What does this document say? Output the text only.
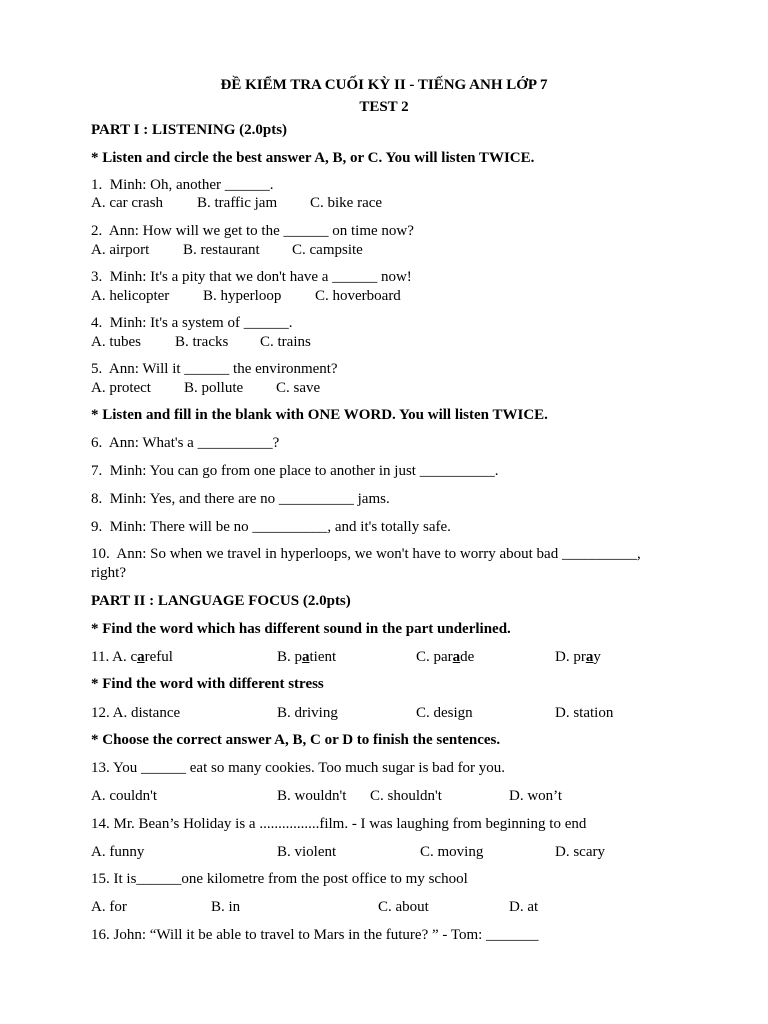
ĐỀ KIỂM TRA CUỐI KỲ II - TIẾNG ANH LỚP 7
TEST 2
PART I : LISTENING (2.0pts)
* Listen and circle the best answer A, B, or C. You will listen TWICE.
1.  Minh: Oh, another ______.
A. car crash B. traffic jam C. bike race
2.  Ann: How will we get to the ______ on time now?
A. airport B. restaurant C. campsite
3.  Minh: It's a pity that we don't have a ______ now!
A. helicopter B. hyperloop C. hoverboard
4.  Minh: It's a system of ______.
A. tubes B. tracks C. trains
5.  Ann: Will it ______ the environment?
A. protect B. pollute C. save
* Listen and fill in the blank with ONE WORD. You will listen TWICE.
6.  Ann: What's a __________?
7.  Minh: You can go from one place to another in just __________.
8.  Minh: Yes, and there are no __________ jams.
9.  Minh: There will be no __________, and it's totally safe.
10.  Ann: So when we travel in hyperloops, we won't have to worry about bad __________,
right?
PART II : LANGUAGE FOCUS (2.0pts)
* Find the word which has different sound in the part underlined.
11. A. careful	B. patient	C. parade	D. pray
* Find the word with different stress
12. A. distance	B. driving	C. design	D. station
* Choose the correct answer A, B, C or D to finish the sentences.
13. You ______ eat so many cookies. Too much sugar is bad for you.
A. couldn't	B. wouldn't C. shouldn't	D. won’t
14. Mr. Bean’s Holiday is a ................film. - I was laughing from beginning to end
A. funny	B. violent	C. moving	D. scary
15. It is______one kilometre from the post office to my school
A. for	B. in	C. about	D. at
16. John: “Will it be able to travel to Mars in the future? ” - Tom: _______
